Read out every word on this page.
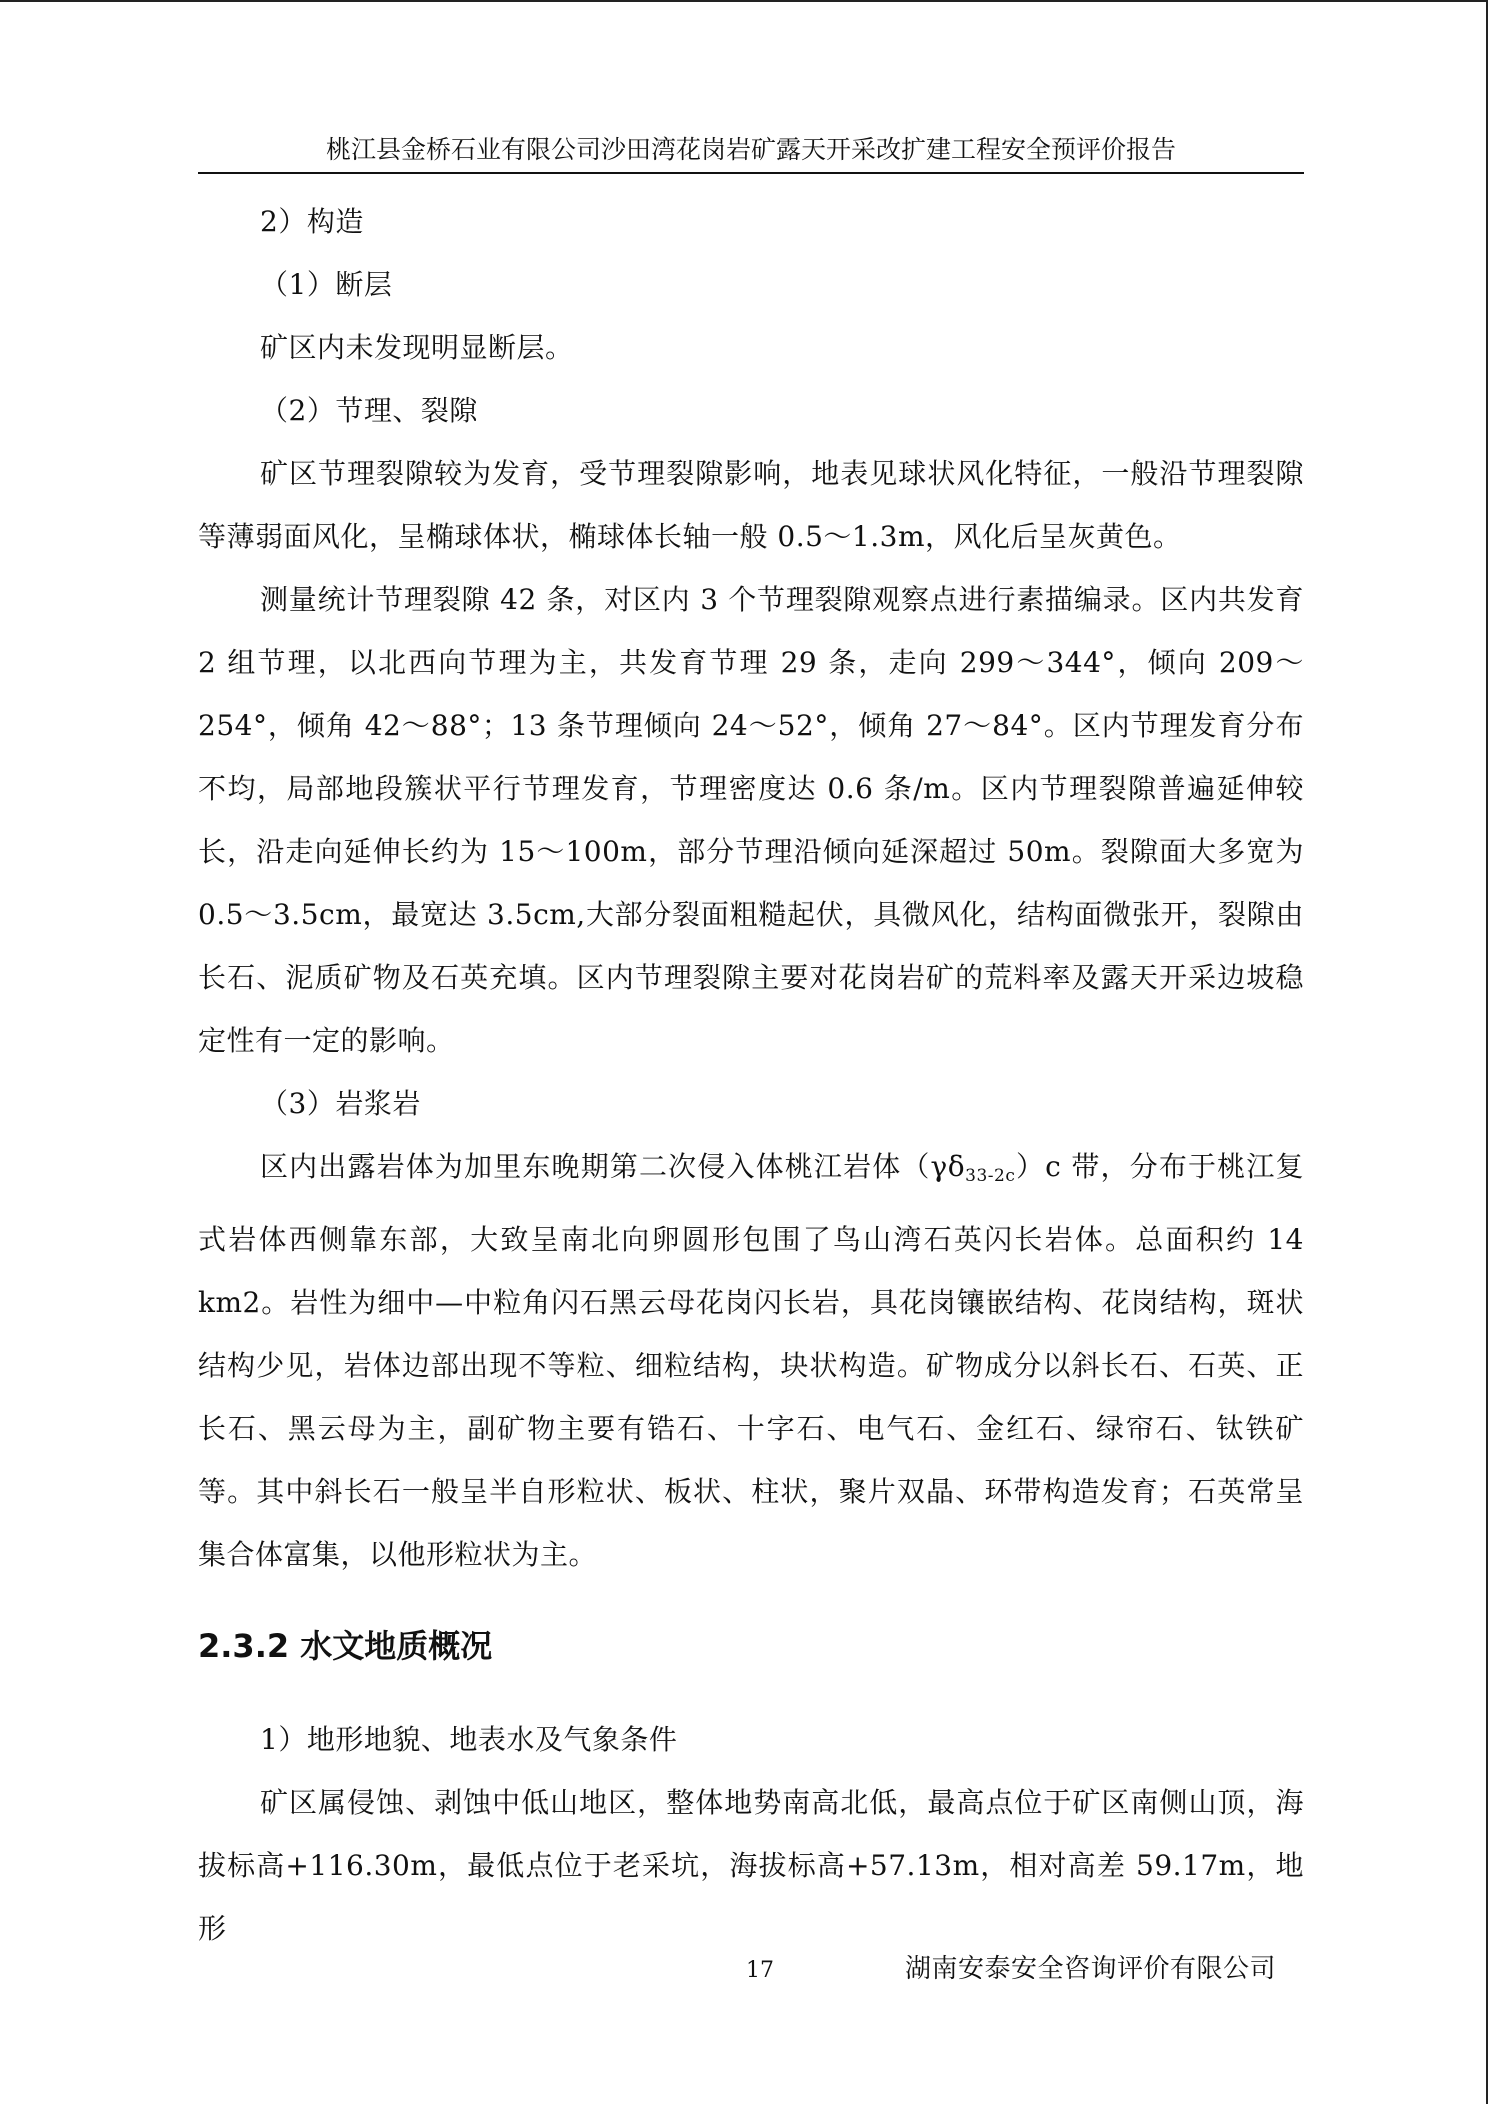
桃江县金桥石业有限公司沙田湾花岗岩矿露天开采改扩建工程安全预评价报告

2）构造

（1）断层

矿区内未发现明显断层。

（2）节理、裂隙

矿区节理裂隙较为发育，受节理裂隙影响，地表见球状风化特征，一般沿节理裂隙等薄弱面风化，呈椭球体状，椭球体长轴一般 0.5～1.3m，风化后呈灰黄色。

测量统计节理裂隙 42 条，对区内 3 个节理裂隙观察点进行素描编录。区内共发育 2 组节理，以北西向节理为主，共发育节理 29 条，走向 299～344°，倾向 209～254°，倾角 42～88°；13 条节理倾向 24～52°，倾角 27～84°。区内节理发育分布不均，局部地段簇状平行节理发育，节理密度达 0.6 条/m。区内节理裂隙普遍延伸较长，沿走向延伸长约为 15～100m，部分节理沿倾向延深超过 50m。裂隙面大多宽为 0.5～3.5cm，最宽达 3.5cm,大部分裂面粗糙起伏，具微风化，结构面微张开，裂隙由长石、泥质矿物及石英充填。区内节理裂隙主要对花岗岩矿的荒料率及露天开采边坡稳定性有一定的影响。

（3）岩浆岩

区内出露岩体为加里东晚期第二次侵入体桃江岩体$(\gamma\delta_{33-2c})c$ 带，分布于桃江复式岩体西侧靠东部，大致呈南北向卵圆形包围了鸟山湾石英闪长岩体。总面积约 14 km2。岩性为细中—中粒角闪石黑云母花岗闪长岩，具花岗镶嵌结构、花岗结构，斑状结构少见，岩体边部出现不等粒、细粒结构，块状构造。矿物成分以斜长石、石英、正长石、黑云母为主，副矿物主要有锆石、十字石、电气石、金红石、绿帘石、钛铁矿等。其中斜长石一般呈半自形粒状、板状、柱状，聚片双晶、环带构造发育；石英常呈集合体富集，以他形粒状为主。

2.3.2 水文地质概况

1）地形地貌、地表水及气象条件

矿区属侵蚀、剥蚀中低山地区，整体地势南高北低，最高点位于矿区南侧山顶，海拔标高+116.30m，最低点位于老采坑，海拔标高+57.13m，相对高差 59.17m，地形

17	湖南安泰安全咨询评价有限公司
